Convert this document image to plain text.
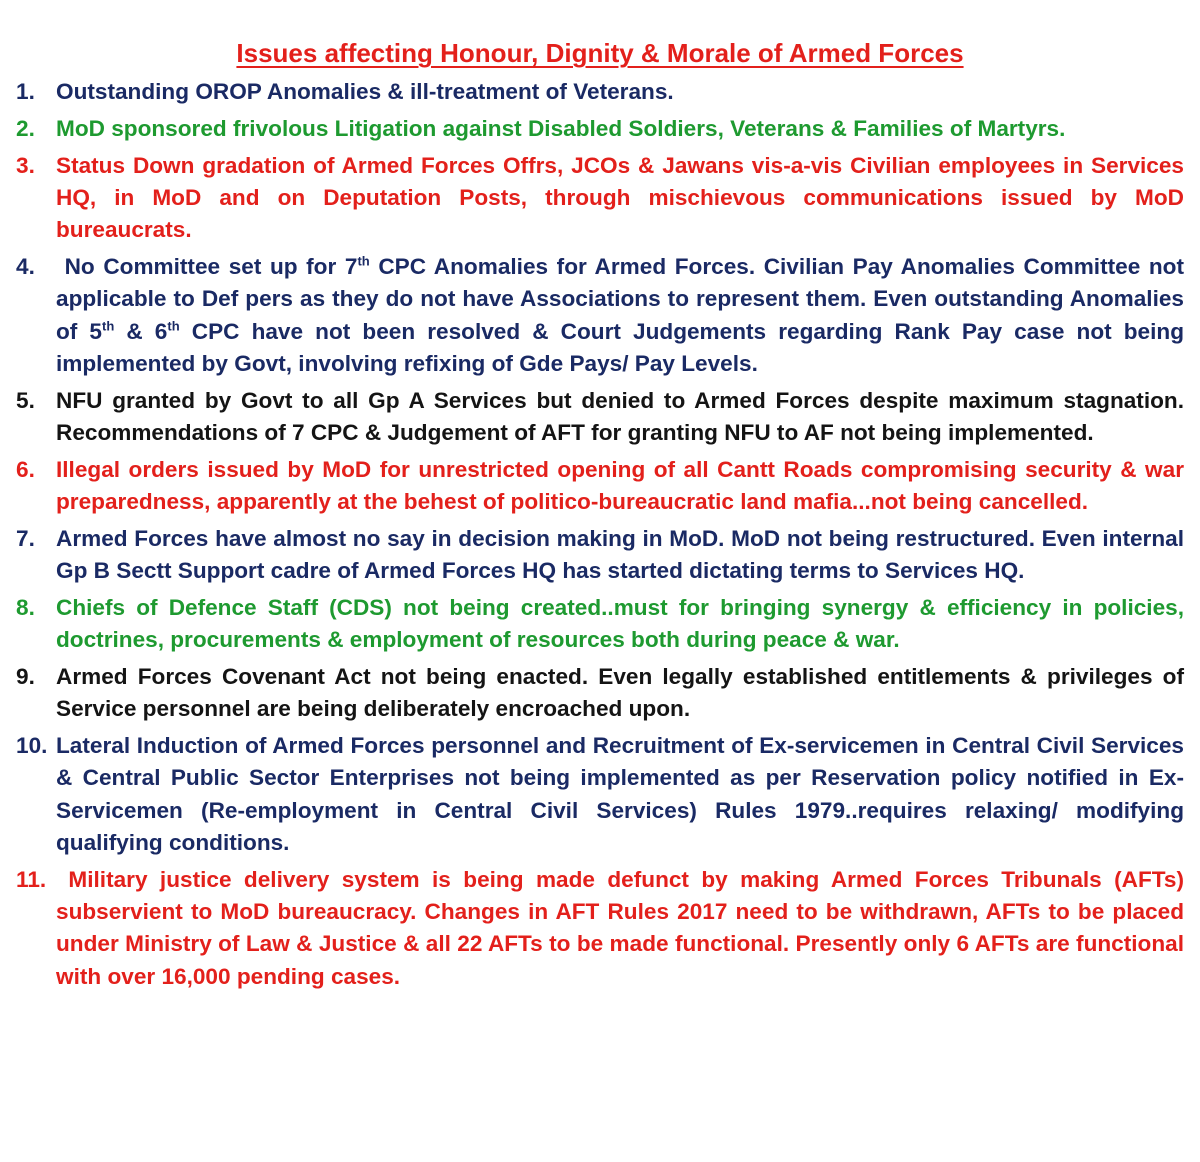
Issues affecting Honour, Dignity & Morale of Armed Forces
1. Outstanding OROP Anomalies & ill-treatment of Veterans.
2. MoD sponsored frivolous Litigation against Disabled Soldiers, Veterans & Families of Martyrs.
3. Status Down gradation of Armed Forces Offrs, JCOs & Jawans vis-a-vis Civilian employees in Services HQ, in MoD and on Deputation Posts, through mischievous communications issued by MoD bureaucrats.
4.	No Committee set up for 7th CPC Anomalies for Armed Forces. Civilian Pay Anomalies Committee not applicable to Def pers as they do not have Associations to represent them. Even outstanding Anomalies of 5th & 6th CPC have not been resolved & Court Judgements regarding Rank Pay case not being implemented by Govt, involving refixing of Gde Pays/ Pay Levels.
5. NFU granted by Govt to all Gp A Services but denied to Armed Forces despite maximum stagnation. Recommendations of 7 CPC & Judgement of AFT for granting NFU to AF not being implemented.
6. Illegal orders issued by MoD for unrestricted opening of all Cantt Roads compromising security & war preparedness, apparently at the behest of politico-bureaucratic land mafia...not being cancelled.
7. Armed Forces have almost no say in decision making in MoD. MoD not being restructured. Even internal Gp B Sectt Support cadre of Armed Forces HQ has started dictating terms to Services HQ.
8. Chiefs of Defence Staff (CDS) not being created..must for bringing synergy & efficiency in policies, doctrines, procurements & employment of resources both during peace & war.
9. Armed Forces Covenant Act not being enacted. Even legally established entitlements & privileges of Service personnel are being deliberately encroached upon.
10. Lateral Induction of Armed Forces personnel and Recruitment of Ex-servicemen in Central Civil Services & Central Public Sector Enterprises not being implemented as per Reservation policy notified in Ex-Servicemen (Re-employment in Central Civil Services) Rules 1979..requires relaxing/ modifying qualifying conditions.
11. Military justice delivery system is being made defunct by making Armed Forces Tribunals (AFTs) subservient to MoD bureaucracy. Changes in AFT Rules 2017 need to be withdrawn, AFTs to be placed under Ministry of Law & Justice & all 22 AFTs to be made functional. Presently only 6 AFTs are functional with over 16,000 pending cases.
